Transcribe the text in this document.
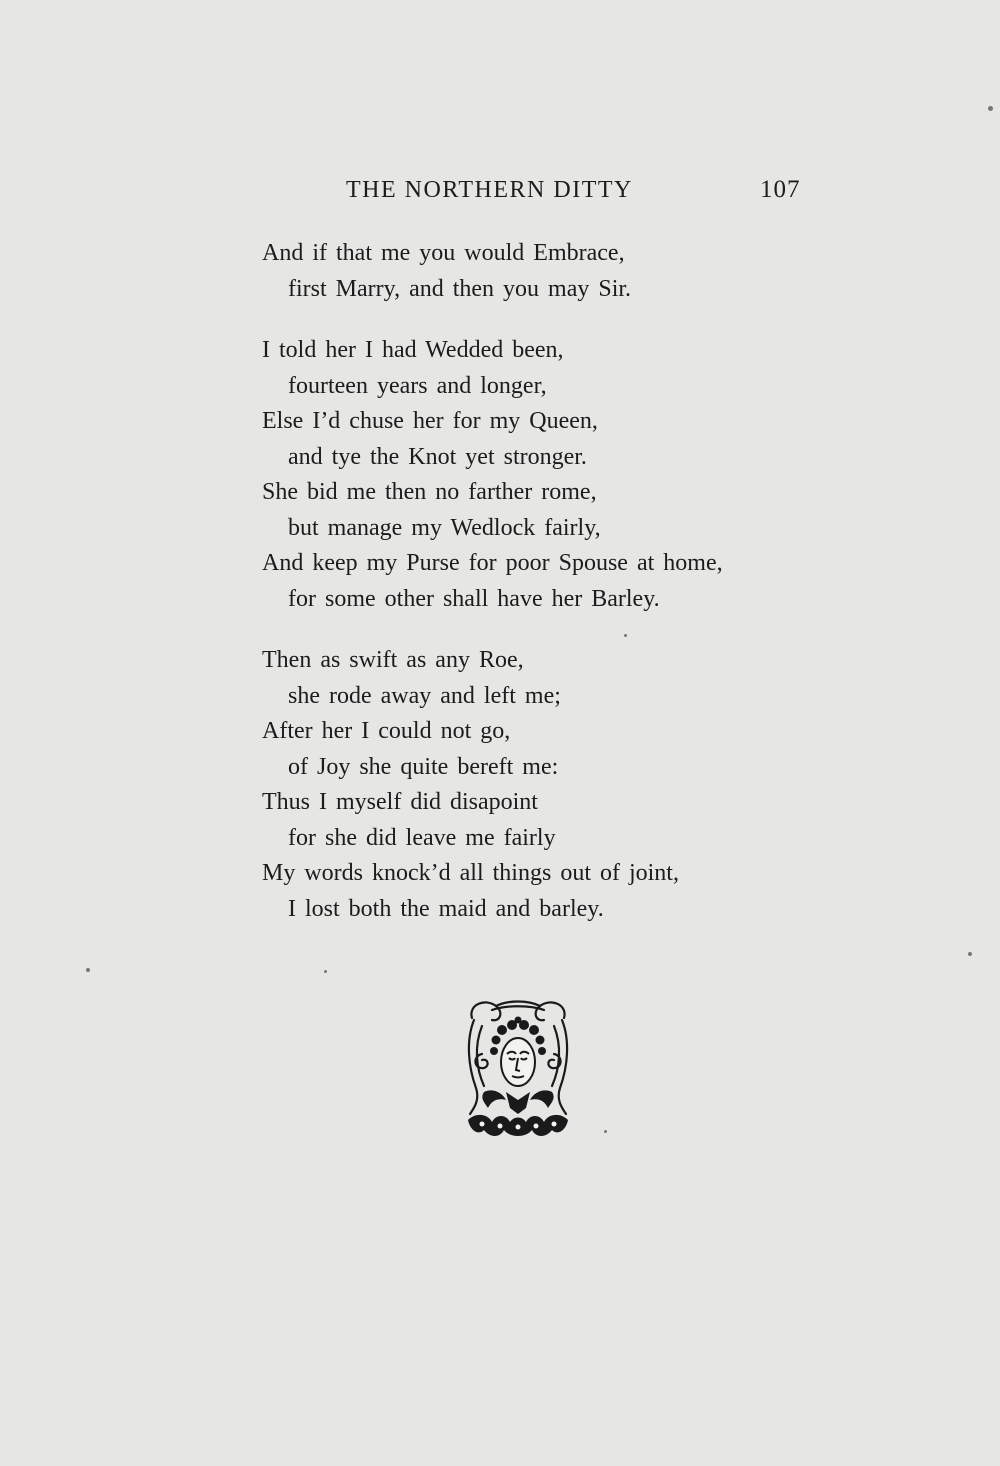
THE NORTHERN DITTY	107
And if that me you would Embrace,
first Marry, and then you may Sir.
I told her I had Wedded been,
fourteen years and longer,
Else I’d chuse her for my Queen,
and tye the Knot yet stronger.
She bid me then no farther rome,
but manage my Wedlock fairly,
And keep my Purse for poor Spouse at home,
for some other shall have her Barley.
Then as swift as any Roe,
she rode away and left me;
After her I could not go,
of Joy she quite bereft me:
Thus I myself did disapoint
for she did leave me fairly
My words knock’d all things out of joint,
I lost both the maid and barley.
